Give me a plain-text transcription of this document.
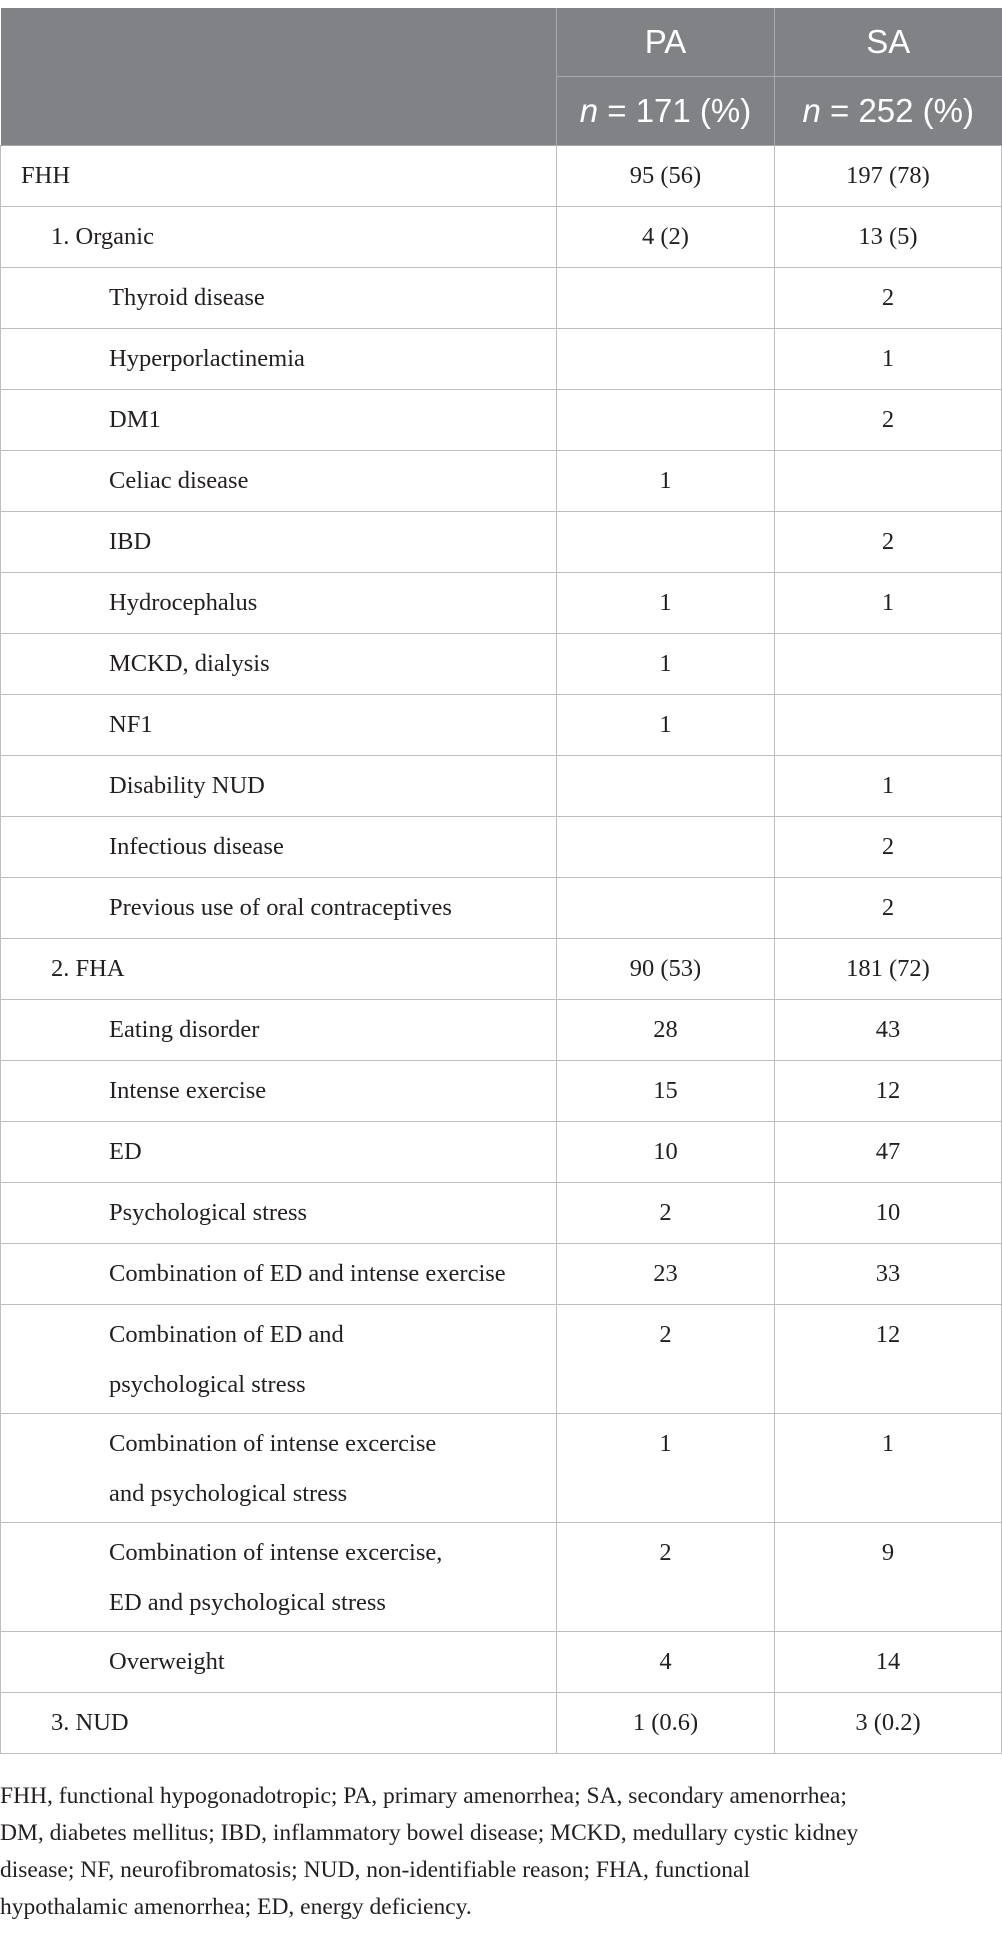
	PA	SA
	n = 171 (%)	n = 252 (%)
FHH	95 (56)	197 (78)
1. Organic	4 (2)	13 (5)
Thyroid disease		2
Hyperporlactinemia		1
DM1		2
Celiac disease	1	
IBD		2
Hydrocephalus	1	1
MCKD, dialysis	1	
NF1	1	
Disability NUD		1
Infectious disease		2
Previous use of oral contraceptives		2
2. FHA	90 (53)	181 (72)
Eating disorder	28	43
Intense exercise	15	12
ED	10	47
Psychological stress	2	10
Combination of ED and intense exercise	23	33
Combination of ED and
psychological stress	2	12
Combination of intense excercise
and psychological stress	1	1
Combination of intense excercise,
ED and psychological stress	2	9
Overweight	4	14
3. NUD	1 (0.6)	3 (0.2)
FHH, functional hypogonadotropic; PA, primary amenorrhea; SA, secondary amenorrhea;
DM, diabetes mellitus; IBD, inflammatory bowel disease; MCKD, medullary cystic kidney
disease; NF, neurofibromatosis; NUD, non-identifiable reason; FHA, functional
hypothalamic amenorrhea; ED, energy deficiency.
